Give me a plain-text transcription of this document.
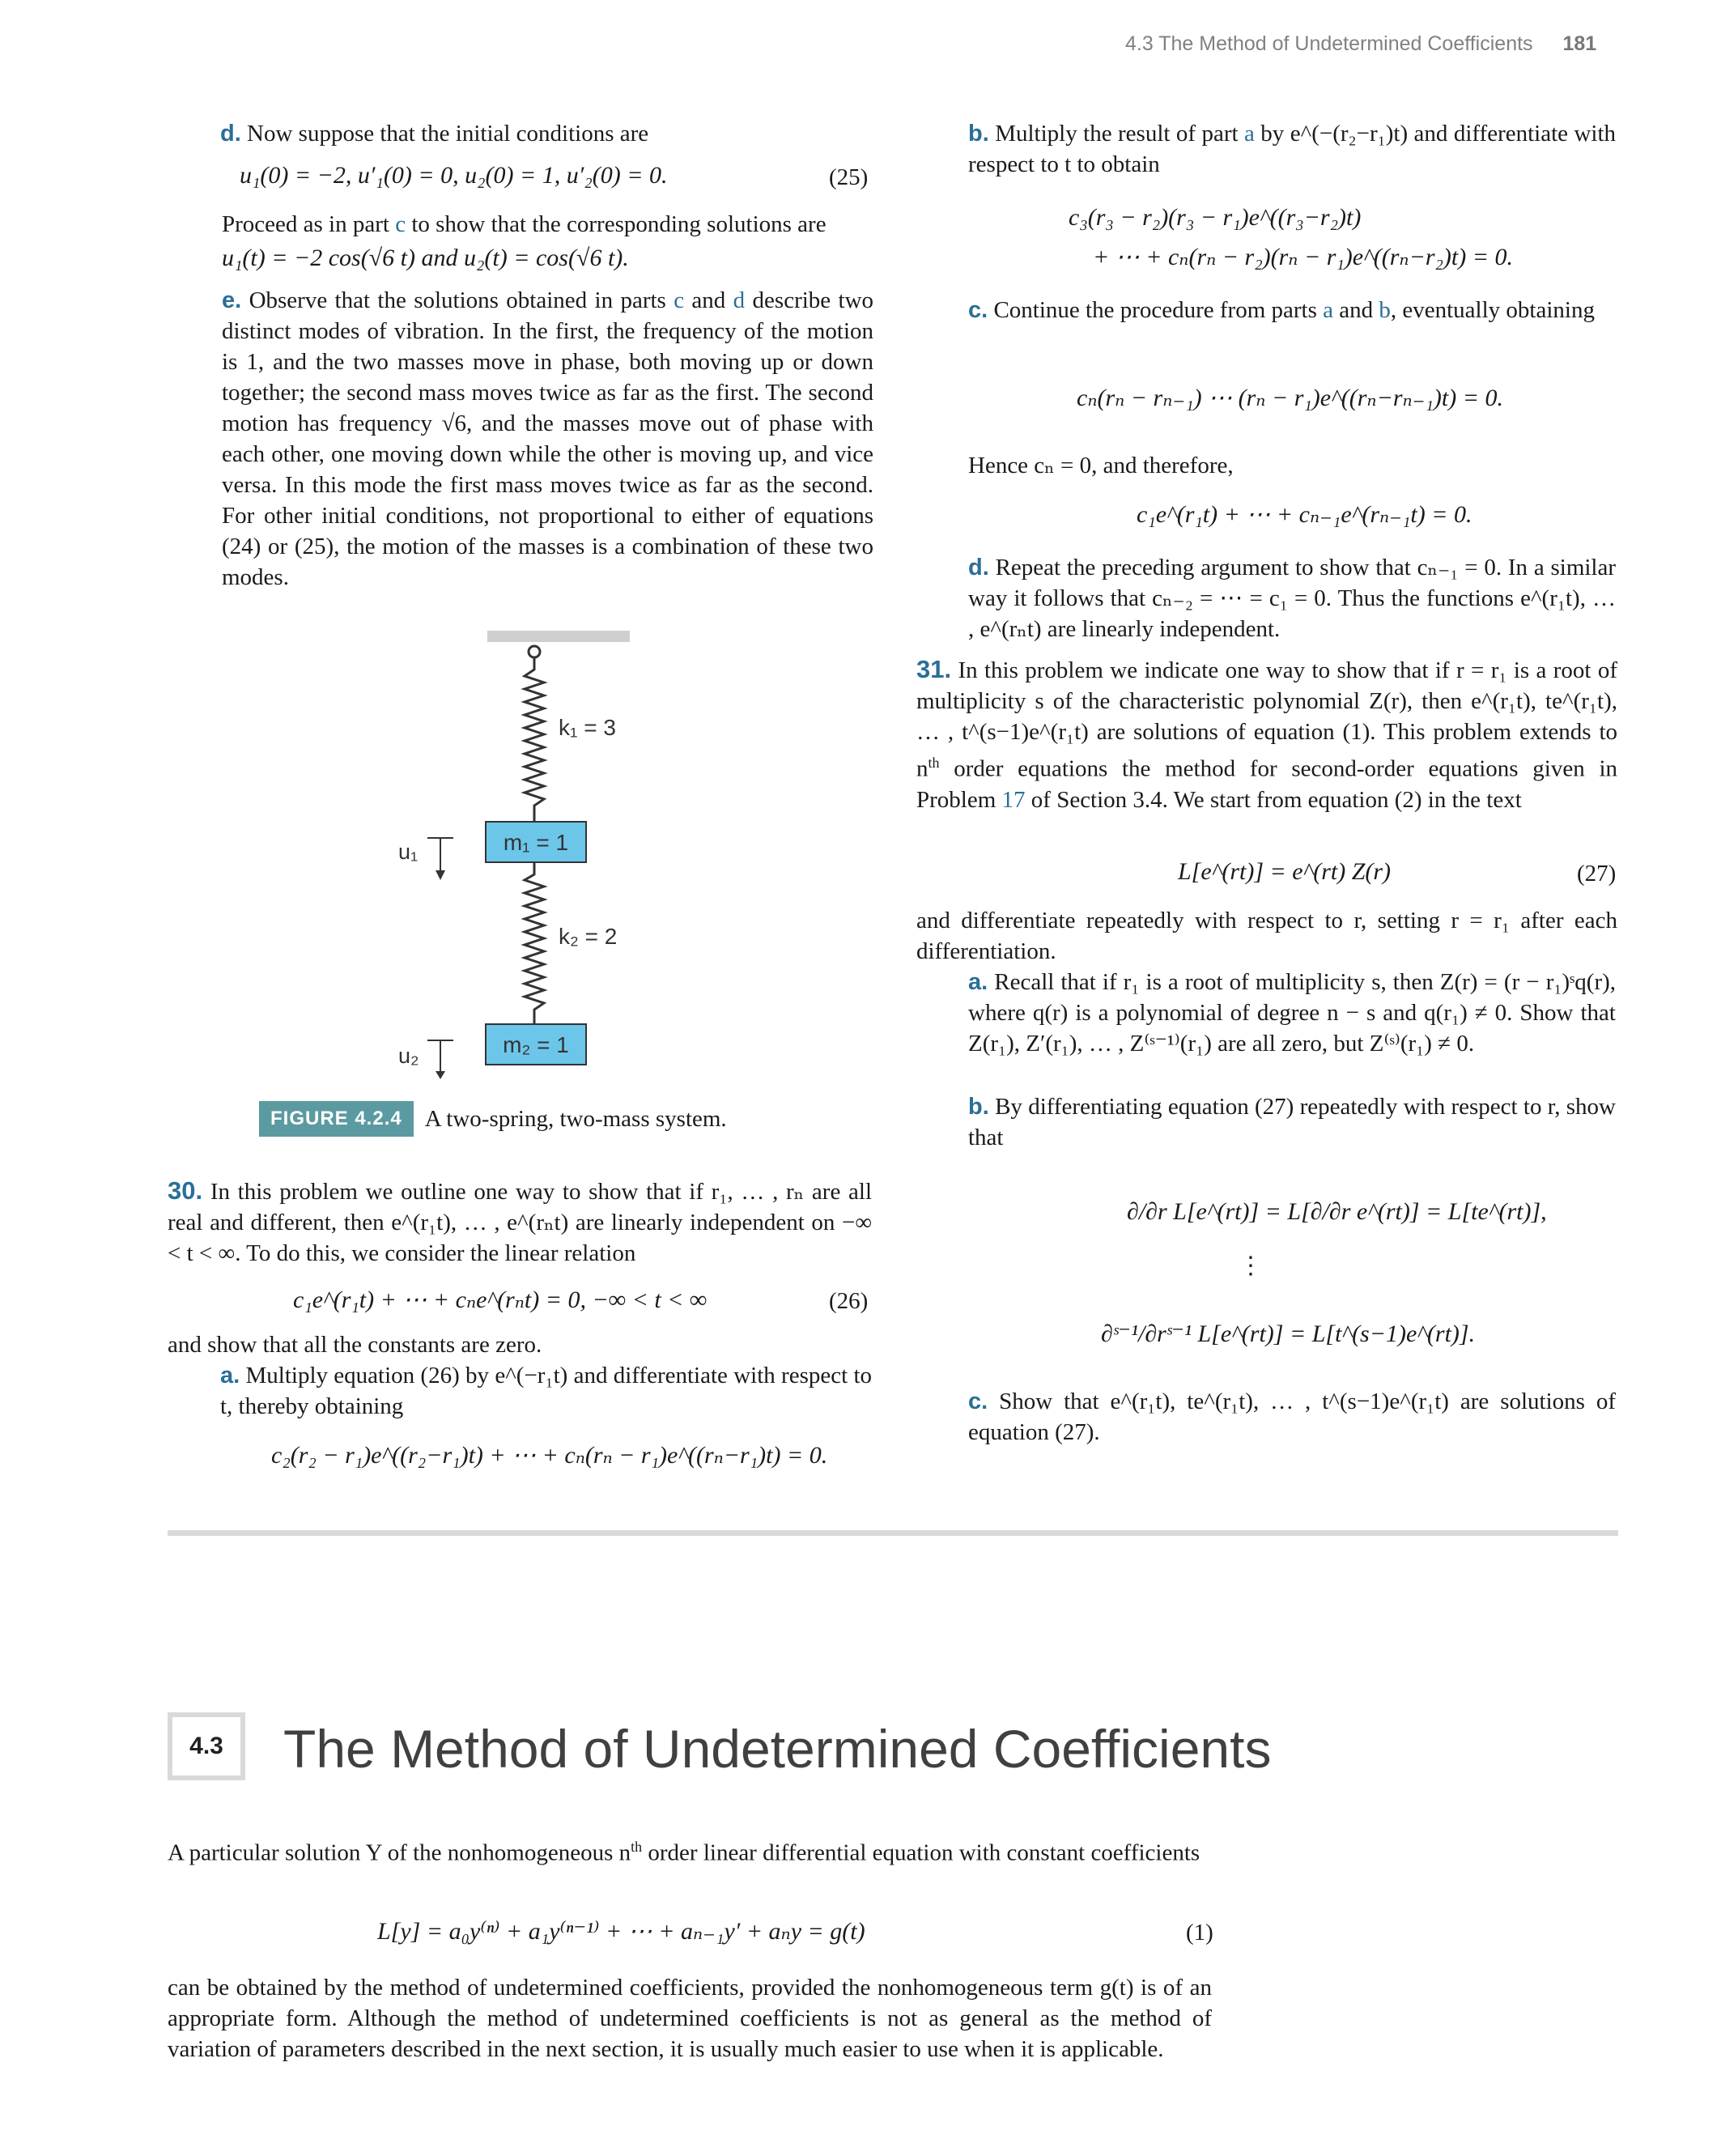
4.3 The Method of Undetermined Coefficients 181
d. Now suppose that the initial conditions are
u₁(0) = −2, u′₁(0) = 0, u₂(0) = 1, u′₂(0) = 0.	(25)
Proceed as in part c to show that the corresponding solutions are
u₁(t) = −2 cos(√6 t) and u₂(t) = cos(√6 t).
e. Observe that the solutions obtained in parts c and d describe two distinct modes of vibration. In the first, the frequency of the motion is 1, and the two masses move in phase, both moving up or down together; the second mass moves twice as far as the first. The second motion has frequency √6, and the masses move out of phase with each other, one moving down while the other is moving up, and vice versa. In this mode the first mass moves twice as far as the second. For other initial conditions, not proportional to either of equations (24) or (25), the motion of the masses is a combination of these two modes.
k₁ = 3
m₁ = 1
k₂ = 2
m₂ = 1
u₁
u₂
FIGURE 4.2.4 A two-spring, two-mass system.
30. In this problem we outline one way to show that if r₁, … , rₙ are all real and different, then e^(r₁t), … , e^(rₙt) are linearly independent on −∞ < t < ∞. To do this, we consider the linear relation
c₁e^(r₁t) + ⋯ + cₙe^(rₙt) = 0, −∞ < t < ∞	(26)
and show that all the constants are zero.
a. Multiply equation (26) by e^(−r₁t) and differentiate with respect to t, thereby obtaining
c₂(r₂ − r₁)e^((r₂−r₁)t) + ⋯ + cₙ(rₙ − r₁)e^((rₙ−r₁)t) = 0.
b. Multiply the result of part a by e^(−(r₂−r₁)t) and differentiate with respect to t to obtain
c₃(r₃ − r₂)(r₃ − r₁)e^((r₃−r₂)t)
+ ⋯ + cₙ(rₙ − r₂)(rₙ − r₁)e^((rₙ−r₂)t) = 0.
c. Continue the procedure from parts a and b, eventually obtaining
cₙ(rₙ − rₙ₋₁) ⋯ (rₙ − r₁)e^((rₙ−rₙ₋₁)t) = 0.
Hence cₙ = 0, and therefore,
c₁e^(r₁t) + ⋯ + cₙ₋₁e^(rₙ₋₁t) = 0.
d. Repeat the preceding argument to show that cₙ₋₁ = 0. In a similar way it follows that cₙ₋₂ = ⋯ = c₁ = 0. Thus the functions e^(r₁t), … , e^(rₙt) are linearly independent.
31. In this problem we indicate one way to show that if r = r₁ is a root of multiplicity s of the characteristic polynomial Z(r), then e^(r₁t), te^(r₁t), … , t^(s−1)e^(r₁t) are solutions of equation (1). This problem extends to $n^{th}$ order equations the method for second-order equations given in Problem 17 of Section 3.4. We start from equation (2) in the text
L[e^(rt)] = e^(rt) Z(r)	(27)
and differentiate repeatedly with respect to r, setting r = r₁ after each differentiation.
a. Recall that if r₁ is a root of multiplicity s, then Z(r) = (r − r₁)ˢq(r), where q(r) is a polynomial of degree n − s and q(r₁) ≠ 0. Show that Z(r₁), Z′(r₁), … , Z⁽ˢ⁻¹⁾(r₁) are all zero, but Z⁽ˢ⁾(r₁) ≠ 0.
b. By differentiating equation (27) repeatedly with respect to r, show that
∂/∂r L[e^(rt)] = L[∂/∂r e^(rt)] = L[te^(rt)],
⋮
∂ˢ⁻¹/∂rˢ⁻¹ L[e^(rt)] = L[t^(s−1)e^(rt)].
c. Show that e^(r₁t), te^(r₁t), … , t^(s−1)e^(r₁t) are solutions of equation (27).
4.3 The Method of Undetermined Coefficients
A particular solution Y of the nonhomogeneous $n^{th}$ order linear differential equation with constant coefficients
L[y] = a₀y⁽ⁿ⁾ + a₁y⁽ⁿ⁻¹⁾ + ⋯ + aₙ₋₁y′ + aₙy = g(t)	(1)
can be obtained by the method of undetermined coefficients, provided the nonhomogeneous term g(t) is of an appropriate form. Although the method of undetermined coefficients is not as general as the method of variation of parameters described in the next section, it is usually much easier to use when it is applicable.
